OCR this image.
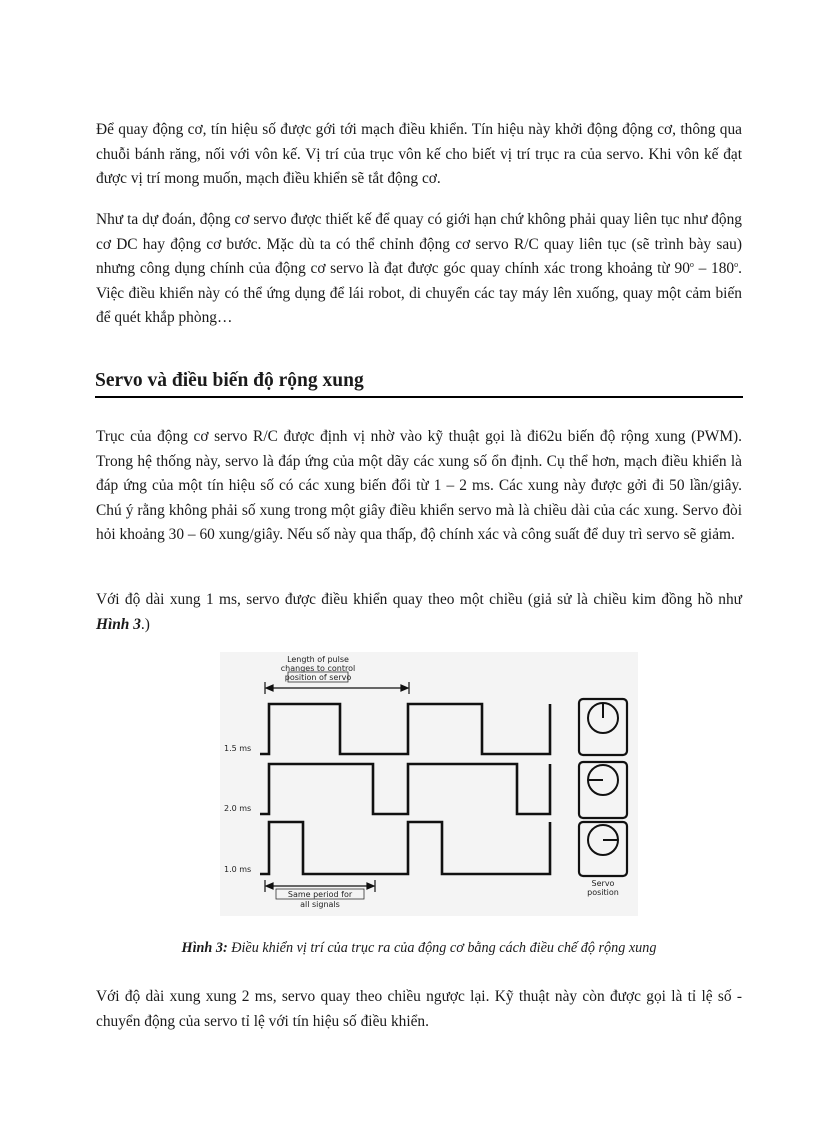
Để quay động cơ, tín hiệu số được gới tới mạch điều khiển. Tín hiệu này khởi động động cơ, thông qua chuỗi bánh răng, nối với vôn kế. Vị trí của trục vôn kế cho biết vị trí trục ra của servo. Khi vôn kế đạt được vị trí mong muốn, mạch điều khiển sẽ tắt động cơ.

Như ta dự đoán, động cơ servo được thiết kế để quay có giới hạn chứ không phải quay liên tục như động cơ DC hay động cơ bước. Mặc dù ta có thể chỉnh động cơ servo R/C quay liên tục (sẽ trình bày sau) nhưng công dụng chính của động cơ servo là đạt được góc quay chính xác trong khoảng từ 90$^o$ – 180$^o$. Việc điều khiển này có thể ứng dụng để lái robot, di chuyển các tay máy lên xuống, quay một cảm biến để quét khắp phòng…

Servo và điều biến độ rộng xung

Trục của động cơ servo R/C được định vị nhờ vào kỹ thuật gọi là đi62u biến độ rộng xung (PWM). Trong hệ thống này, servo là đáp ứng của một dãy các xung số ổn định. Cụ thể hơn, mạch điều khiển là đáp ứng của một tín hiệu số có các xung biến đổi từ 1 – 2 ms. Các xung này được gởi đi 50 lần/giây. Chú ý rằng không phải số xung trong một giây điều khiển servo mà là chiều dài của các xung. Servo đòi hỏi khoảng 30 – 60 xung/giây. Nếu số này qua thấp, độ chính xác và công suất để duy trì servo sẽ giảm.

Với độ dài xung 1 ms, servo được điều khiển quay theo một chiều (giả sử là chiều kim đồng hồ như Hình 3.)

Length of pulse
changes to control
position of servo
1.5 ms
2.0 ms
1.0 ms
Same period for
all signals
Servo
position

Hình 3: Điều khiển vị trí của trục ra của động cơ bằng cách điều chế độ rộng xung

Với độ dài xung xung 2 ms, servo quay theo chiều ngược lại. Kỹ thuật này còn được gọi là tỉ lệ số - chuyển động của servo tỉ lệ với tín hiệu số điều khiển.
